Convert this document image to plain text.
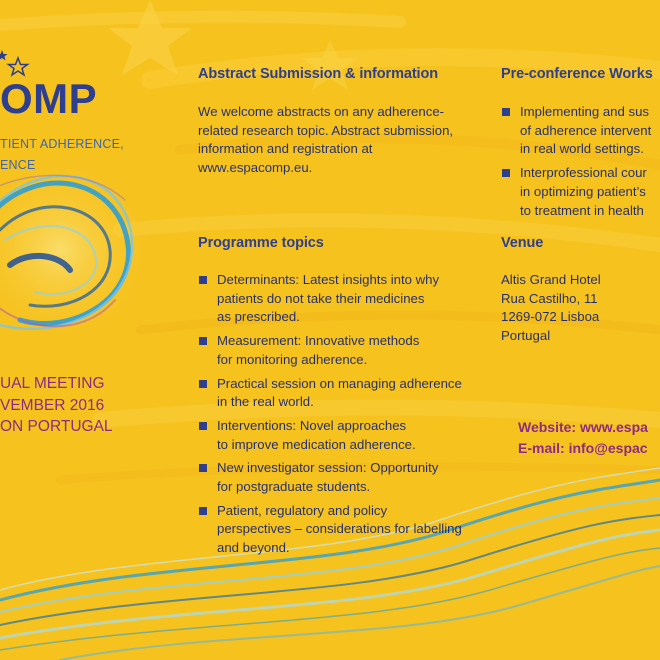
OMP
TIENT ADHERENCE,
ENCE
UAL MEETING
VEMBER 2016
ON PORTUGAL
Abstract Submission & information
We welcome abstracts on any adherence-
related research topic. Abstract submission,
information and registration at
www.espacomp.eu.
Programme topics
Determinants: Latest insights into why
patients do not take their medicines
as prescribed.
Measurement: Innovative methods
for monitoring adherence.
Practical session on managing adherence
in the real world.
Interventions: Novel approaches
to improve medication adherence.
New investigator session: Opportunity
for postgraduate students.
Patient, regulatory and policy
perspectives – considerations for labelling
and beyond.
Pre-conference Works
Implementing and sus
of adherence intervent
in real world settings.
Interprofessional cour
in optimizing patient’s
to treatment in health
Venue
Altis Grand Hotel
Rua Castilho, 11
1269-072 Lisboa
Portugal
Website: www.espa
E-mail: info@espac
